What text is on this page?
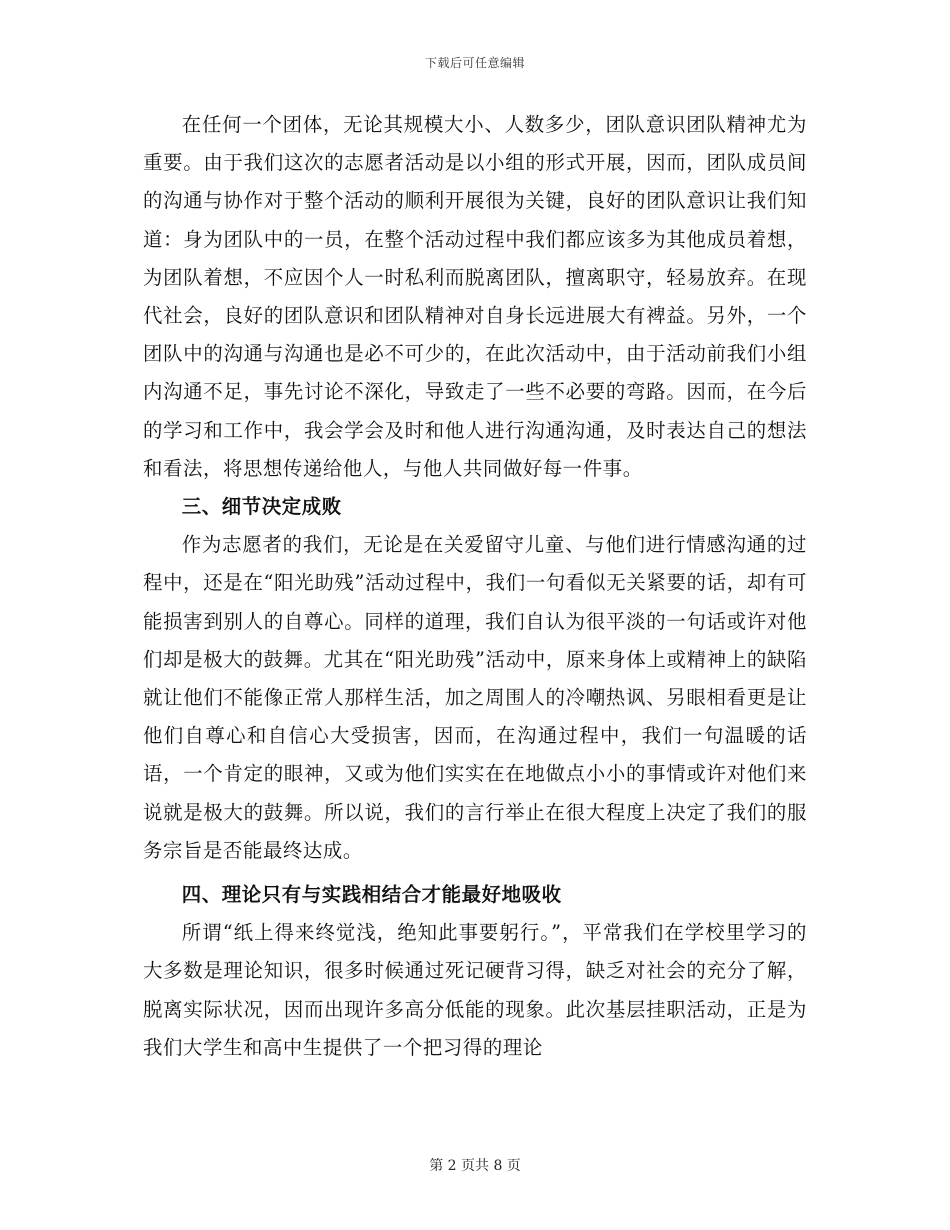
下载后可任意编辑

在任何一个团体，无论其规模大小、人数多少，团队意识团队精神尤为重要。由于我们这次的志愿者活动是以小组的形式开展，因而，团队成员间的沟通与协作对于整个活动的顺利开展很为关键，良好的团队意识让我们知道：身为团队中的一员，在整个活动过程中我们都应该多为其他成员着想，为团队着想，不应因个人一时私利而脱离团队，擅离职守，轻易放弃。在现代社会，良好的团队意识和团队精神对自身长远进展大有裨益。另外，一个团队中的沟通与沟通也是必不可少的，在此次活动中，由于活动前我们小组内沟通不足，事先讨论不深化，导致走了一些不必要的弯路。因而，在今后的学习和工作中，我会学会及时和他人进行沟通沟通，及时表达自己的想法和看法，将思想传递给他人，与他人共同做好每一件事。

三、细节决定成败

作为志愿者的我们，无论是在关爱留守儿童、与他们进行情感沟通的过程中，还是在“阳光助残”活动过程中，我们一句看似无关紧要的话，却有可能损害到别人的自尊心。同样的道理，我们自认为很平淡的一句话或许对他们却是极大的鼓舞。尤其在“阳光助残”活动中，原来身体上或精神上的缺陷就让他们不能像正常人那样生活，加之周围人的冷嘲热讽、另眼相看更是让他们自尊心和自信心大受损害，因而，在沟通过程中，我们一句温暖的话语，一个肯定的眼神，又或为他们实实在在地做点小小的事情或许对他们来说就是极大的鼓舞。所以说，我们的言行举止在很大程度上决定了我们的服务宗旨是否能最终达成。

四、理论只有与实践相结合才能最好地吸收

所谓“纸上得来终觉浅，绝知此事要躬行。”，平常我们在学校里学习的大多数是理论知识，很多时候通过死记硬背习得，缺乏对社会的充分了解，脱离实际状况，因而出现许多高分低能的现象。此次基层挂职活动，正是为我们大学生和高中生提供了一个把习得的理论

第 2 页共 8 页
